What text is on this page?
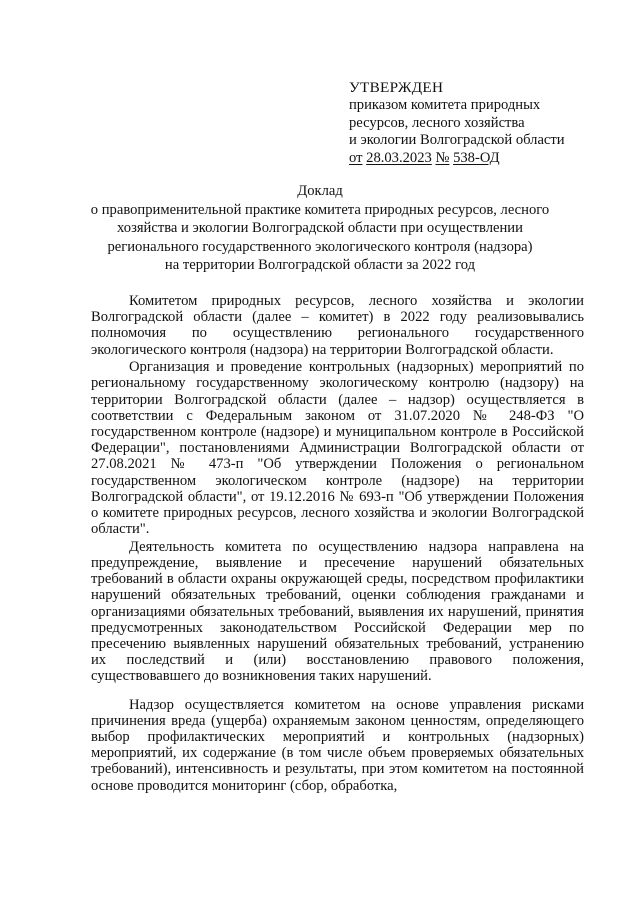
УТВЕРЖДЕН
приказом комитета природных
ресурсов, лесного хозяйства
и экологии Волгоградской области
от 28.03.2023 № 538-ОД
Доклад
о правоприменительной практике комитета природных ресурсов, лесного
хозяйства и экологии Волгоградской области при осуществлении
регионального государственного экологического контроля (надзора)
на территории Волгоградской области за 2022 год

Комитетом природных ресурсов, лесного хозяйства и экологии Волгоградской области (далее – комитет) в 2022 году реализовывались полномочия по осуществлению регионального государственного экологического контроля (надзора) на территории Волгоградской области.

Организация и проведение контрольных (надзорных) мероприятий по региональному государственному экологическому контролю (надзору) на территории Волгоградской области (далее – надзор) осуществляется в соответствии с Федеральным законом от 31.07.2020 № 248-ФЗ "О государственном контроле (надзоре) и муниципальном контроле в Российской Федерации", постановлениями Администрации Волгоградской области от 27.08.2021 № 473-п "Об утверждении Положения о региональном государственном экологическом контроле (надзоре) на территории Волгоградской области", от 19.12.2016 № 693-п "Об утверждении Положения о комитете природных ресурсов, лесного хозяйства и экологии Волгоградской области".

Деятельность комитета по осуществлению надзора направлена на предупреждение, выявление и пресечение нарушений обязательных требований в области охраны окружающей среды, посредством профилактики нарушений обязательных требований, оценки соблюдения гражданами и организациями обязательных требований, выявления их нарушений, принятия предусмотренных законодательством Российской Федерации мер по пресечению выявленных нарушений обязательных требований, устранению их последствий и (или) восстановлению правового положения, существовавшего до возникновения таких нарушений.

Надзор осуществляется комитетом на основе управления рисками причинения вреда (ущерба) охраняемым законом ценностям, определяющего выбор профилактических мероприятий и контрольных (надзорных) мероприятий, их содержание (в том числе объем проверяемых обязательных требований), интенсивность и результаты, при этом комитетом на постоянной основе проводится мониторинг (сбор, обработка,
